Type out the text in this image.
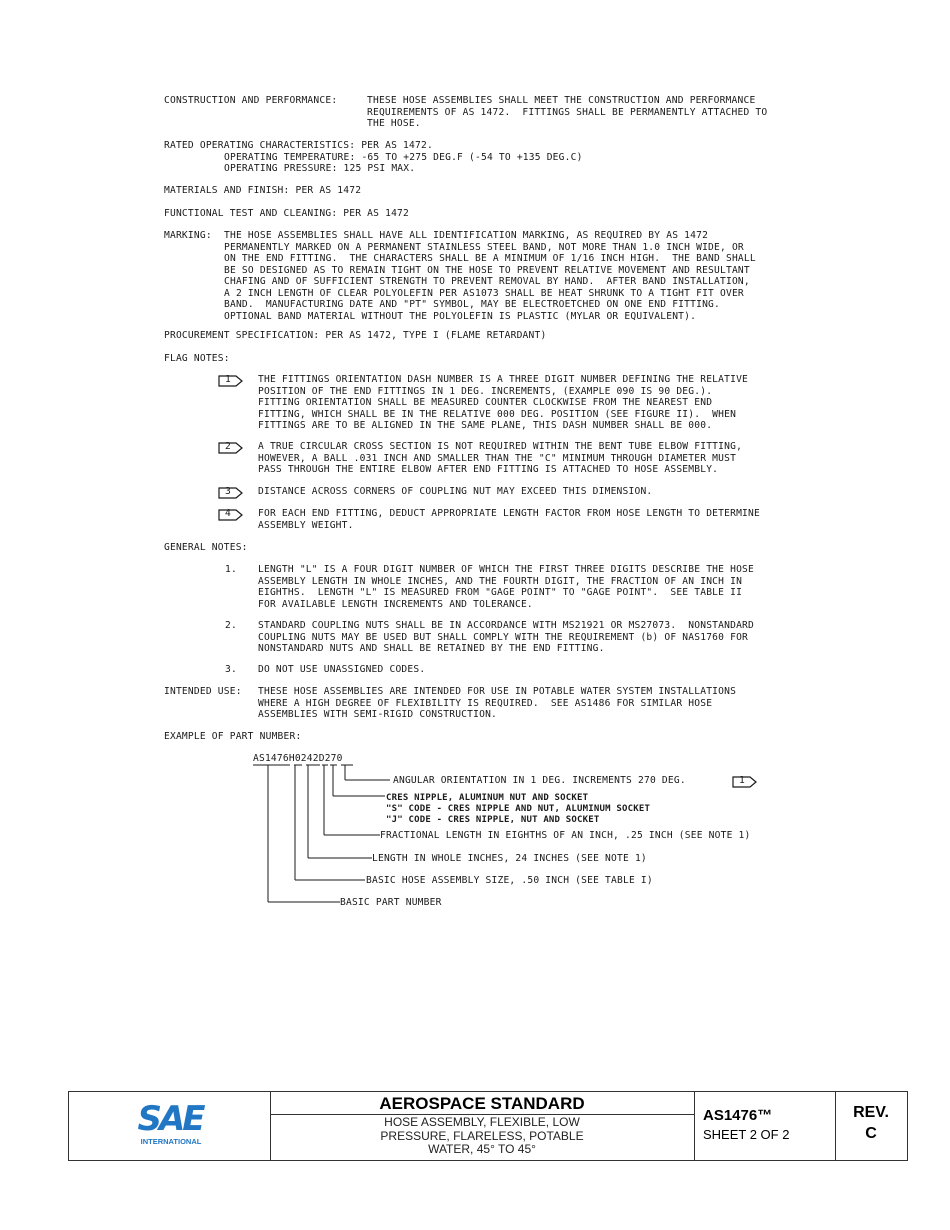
CONSTRUCTION AND PERFORMANCE:	THESE HOSE ASSEMBLIES SHALL MEET THE CONSTRUCTION AND PERFORMANCE
REQUIREMENTS OF AS 1472.  FITTINGS SHALL BE PERMANENTLY ATTACHED TO
THE HOSE.
RATED OPERATING CHARACTERISTICS: PER AS 1472.
OPERATING TEMPERATURE: -65 TO +275 DEG.F (-54 TO +135 DEG.C)
OPERATING PRESSURE: 125 PSI MAX.
MATERIALS AND FINISH: PER AS 1472
FUNCTIONAL TEST AND CLEANING: PER AS 1472
MARKING: THE HOSE ASSEMBLIES SHALL HAVE ALL IDENTIFICATION MARKING, AS REQUIRED BY AS 1472
PERMANENTLY MARKED ON A PERMANENT STAINLESS STEEL BAND, NOT MORE THAN 1.0 INCH WIDE, OR
ON THE END FITTING.  THE CHARACTERS SHALL BE A MINIMUM OF 1/16 INCH HIGH.  THE BAND SHALL
BE SO DESIGNED AS TO REMAIN TIGHT ON THE HOSE TO PREVENT RELATIVE MOVEMENT AND RESULTANT
CHAFING AND OF SUFFICIENT STRENGTH TO PREVENT REMOVAL BY HAND.  AFTER BAND INSTALLATION,
A 2 INCH LENGTH OF CLEAR POLYOLEFIN PER AS1073 SHALL BE HEAT SHRUNK TO A TIGHT FIT OVER
BAND.  MANUFACTURING DATE AND "PT" SYMBOL, MAY BE ELECTROETCHED ON ONE END FITTING.
OPTIONAL BAND MATERIAL WITHOUT THE POLYOLEFIN IS PLASTIC (MYLAR OR EQUIVALENT).
PROCUREMENT SPECIFICATION: PER AS 1472, TYPE I (FLAME RETARDANT)
FLAG NOTES:
1	THE FITTINGS ORIENTATION DASH NUMBER IS A THREE DIGIT NUMBER DEFINING THE RELATIVE
POSITION OF THE END FITTINGS IN 1 DEG. INCREMENTS, (EXAMPLE 090 IS 90 DEG.).
FITTING ORIENTATION SHALL BE MEASURED COUNTER CLOCKWISE FROM THE NEAREST END
FITTING, WHICH SHALL BE IN THE RELATIVE 000 DEG. POSITION (SEE FIGURE II).  WHEN
FITTINGS ARE TO BE ALIGNED IN THE SAME PLANE, THIS DASH NUMBER SHALL BE 000.
2	A TRUE CIRCULAR CROSS SECTION IS NOT REQUIRED WITHIN THE BENT TUBE ELBOW FITTING,
HOWEVER, A BALL .031 INCH AND SMALLER THAN THE "C" MINIMUM THROUGH DIAMETER MUST
PASS THROUGH THE ENTIRE ELBOW AFTER END FITTING IS ATTACHED TO HOSE ASSEMBLY.
3	DISTANCE ACROSS CORNERS OF COUPLING NUT MAY EXCEED THIS DIMENSION.
4	FOR EACH END FITTING, DEDUCT APPROPRIATE LENGTH FACTOR FROM HOSE LENGTH TO DETERMINE
ASSEMBLY WEIGHT.
GENERAL NOTES:
1. LENGTH "L" IS A FOUR DIGIT NUMBER OF WHICH THE FIRST THREE DIGITS DESCRIBE THE HOSE
ASSEMBLY LENGTH IN WHOLE INCHES, AND THE FOURTH DIGIT, THE FRACTION OF AN INCH IN
EIGHTHS.  LENGTH "L" IS MEASURED FROM "GAGE POINT" TO "GAGE POINT".  SEE TABLE II
FOR AVAILABLE LENGTH INCREMENTS AND TOLERANCE.
2. STANDARD COUPLING NUTS SHALL BE IN ACCORDANCE WITH MS21921 OR MS27073.  NONSTANDARD
COUPLING NUTS MAY BE USED BUT SHALL COMPLY WITH THE REQUIREMENT (b) OF NAS1760 FOR
NONSTANDARD NUTS AND SHALL BE RETAINED BY THE END FITTING.
3. DO NOT USE UNASSIGNED CODES.
INTENDED USE: THESE HOSE ASSEMBLIES ARE INTENDED FOR USE IN POTABLE WATER SYSTEM INSTALLATIONS
WHERE A HIGH DEGREE OF FLEXIBILITY IS REQUIRED.  SEE AS1486 FOR SIMILAR HOSE
ASSEMBLIES WITH SEMI-RIGID CONSTRUCTION.
EXAMPLE OF PART NUMBER:
AS1476H0242D270
ANGULAR ORIENTATION IN 1 DEG. INCREMENTS 270 DEG.	1
CRES NIPPLE, ALUMINUM NUT AND SOCKET
"S" CODE - CRES NIPPLE AND NUT, ALUMINUM SOCKET
"J" CODE - CRES NIPPLE, NUT AND SOCKET
FRACTIONAL LENGTH IN EIGHTHS OF AN INCH, .25 INCH (SEE NOTE 1)
LENGTH IN WHOLE INCHES, 24 INCHES (SEE NOTE 1)
BASIC HOSE ASSEMBLY SIZE, .50 INCH (SEE TABLE I)
BASIC PART NUMBER
SAE
INTERNATIONAL
AEROSPACE STANDARD
HOSE ASSEMBLY, FLEXIBLE, LOW
PRESSURE, FLARELESS, POTABLE
WATER, 45° TO 45°
AS1476™
SHEET 2 OF 2
REV.
C
